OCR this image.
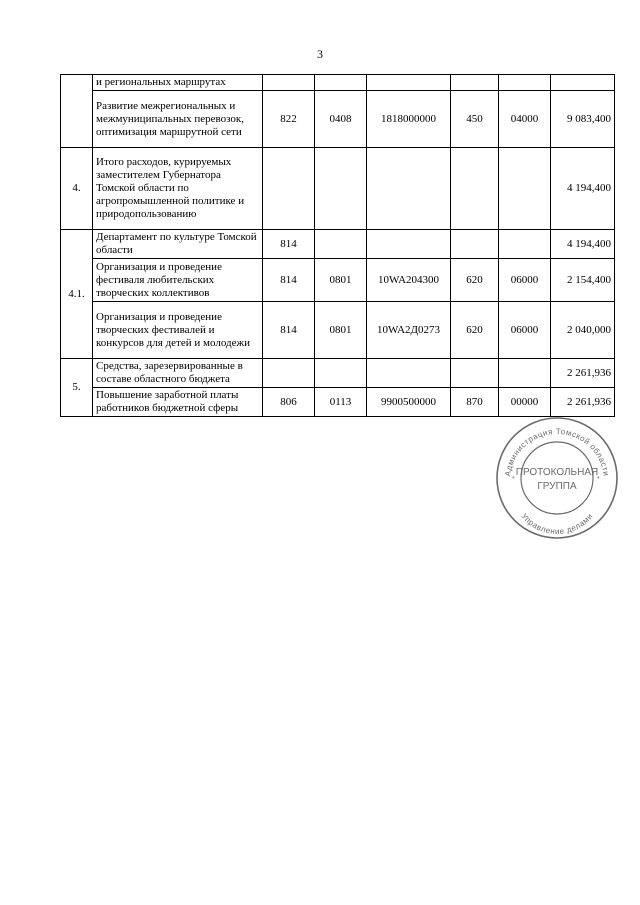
3
	и региональных маршрутах						
	Развитие межрегиональных и межмуниципальных перевозок, оптимизация маршрутной сети	822	0408	1818000000	450	04000	9 083,400
4.	Итого расходов, курируемых заместителем Губернатора Томской области по агропромышленной политике и природопользованию						4 194,400
4.1.	Департамент по культуре Томской области	814					4 194,400
	Организация и проведение фестиваля любительских творческих коллективов	814	0801	10WA204300	620	06000	2 154,400
	Организация и проведение творческих фестивалей и конкурсов для детей и молодежи	814	0801	10WA2Д0273	620	06000	2 040,000
5.	Средства, зарезервированные в составе областного бюджета						2 261,936
	Повышение заработной платы работников бюджетной сферы	806	0113	9900500000	870	00000	2 261,936
Администрация Томской области
Управление делами
*	*
ПРОТОКОЛЬНАЯ
ГРУППА
